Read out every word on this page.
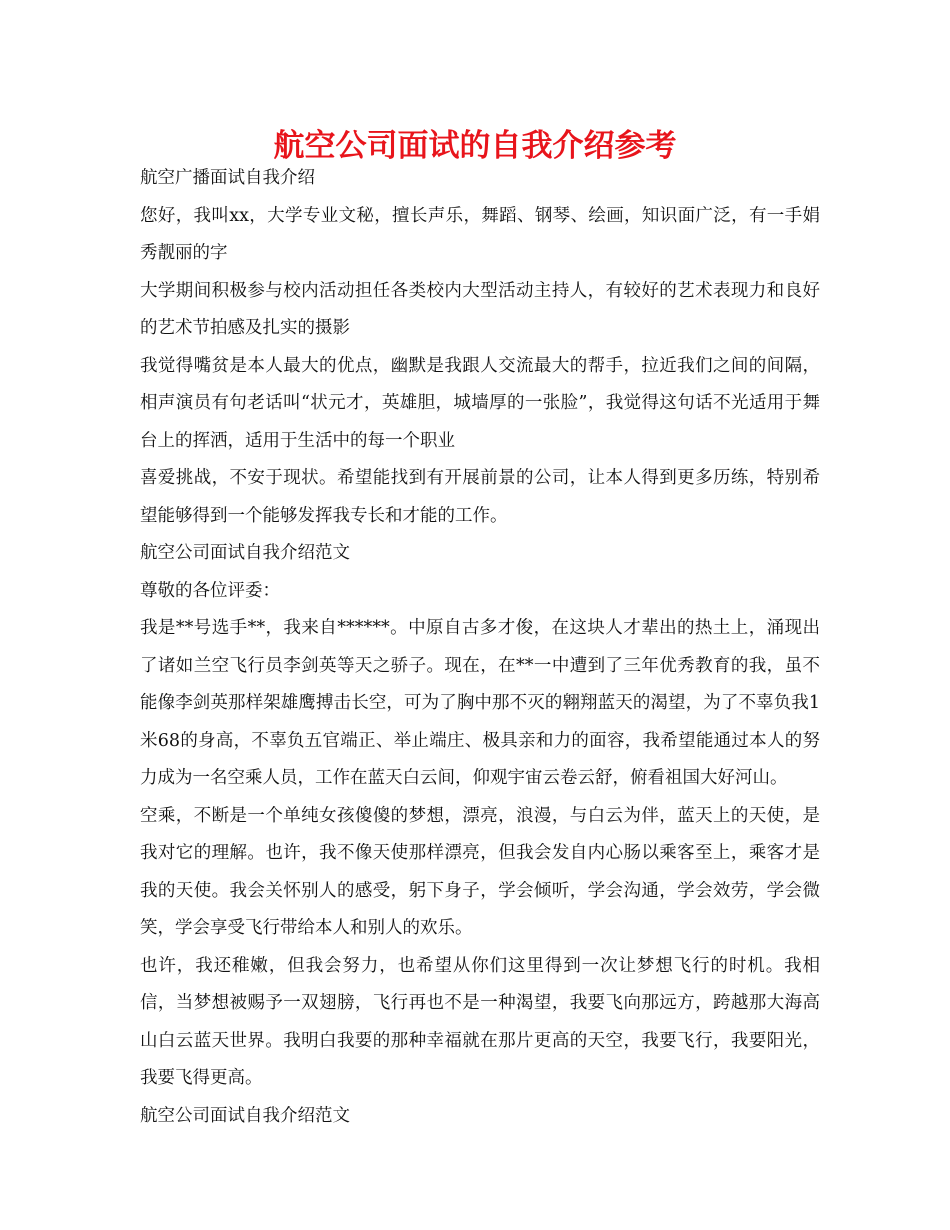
航空公司面试的自我介绍参考

航空广播面试自我介绍

您好，我叫xx，大学专业文秘，擅长声乐，舞蹈、钢琴、绘画，知识面广泛，有一手娟秀靓丽的字

大学期间积极参与校内活动担任各类校内大型活动主持人，有较好的艺术表现力和良好的艺术节拍感及扎实的摄影

我觉得嘴贫是本人最大的优点，幽默是我跟人交流最大的帮手，拉近我们之间的间隔，相声演员有句老话叫“状元才，英雄胆，城墙厚的一张脸”，我觉得这句话不光适用于舞台上的挥洒，适用于生活中的每一个职业

喜爱挑战，不安于现状。希望能找到有开展前景的公司，让本人得到更多历练，特别希望能够得到一个能够发挥我专长和才能的工作。

航空公司面试自我介绍范文

尊敬的各位评委：

我是**号选手**，我来自******。中原自古多才俊，在这块人才辈出的热土上，涌现出了诸如兰空飞行员李剑英等天之骄子。现在，在**一中遭到了三年优秀教育的我，虽不能像李剑英那样架雄鹰搏击长空，可为了胸中那不灭的翱翔蓝天的渴望，为了不辜负我1米68的身高，不辜负五官端正、举止端庄、极具亲和力的面容，我希望能通过本人的努力成为一名空乘人员，工作在蓝天白云间，仰观宇宙云卷云舒，俯看祖国大好河山。

空乘，不断是一个单纯女孩傻傻的梦想，漂亮，浪漫，与白云为伴，蓝天上的天使，是我对它的理解。也许，我不像天使那样漂亮，但我会发自内心肠以乘客至上，乘客才是我的天使。我会关怀别人的感受，躬下身子，学会倾听，学会沟通，学会效劳，学会微笑，学会享受飞行带给本人和别人的欢乐。

也许，我还稚嫩，但我会努力，也希望从你们这里得到一次让梦想飞行的时机。我相信，当梦想被赐予一双翅膀，飞行再也不是一种渴望，我要飞向那远方，跨越那大海高山白云蓝天世界。我明白我要的那种幸福就在那片更高的天空，我要飞行，我要阳光，我要飞得更高。

航空公司面试自我介绍范文
